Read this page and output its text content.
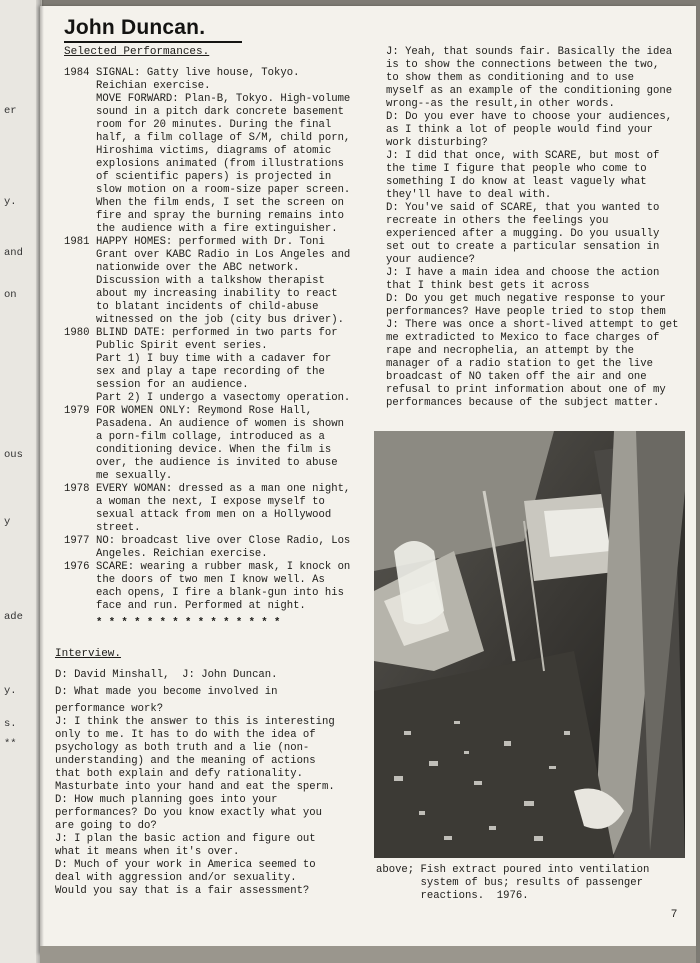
er
y.
and
on
ous
y
ade
y.
s.
**
John Duncan.
Selected Performances.
1984 SIGNAL: Gatty live house, Tokyo.
Reichian exercise.
MOVE FORWARD: Plan-B, Tokyo. High-volume
sound in a pitch dark concrete basement
room for 20 minutes. During the final
half, a film collage of S/M, child porn,
Hiroshima victims, diagrams of atomic
explosions animated (from illustrations
of scientific papers) is projected in
slow motion on a room-size paper screen.
When the film ends, I set the screen on
fire and spray the burning remains into
the audience with a fire extinguisher.
1981 HAPPY HOMES: performed with Dr. Toni
Grant over KABC Radio in Los Angeles and
nationwide over the ABC network.
Discussion with a talkshow therapist
about my increasing inability to react
to blatant incidents of child-abuse
witnessed on the job (city bus driver).
1980 BLIND DATE: performed in two parts for
Public Spirit event series.
Part 1) I buy time with a cadaver for
sex and play a tape recording of the
session for an audience.
Part 2) I undergo a vasectomy operation.
1979 FOR WOMEN ONLY: Reymond Rose Hall,
Pasadena. An audience of women is shown
a porn-film collage, introduced as a
conditioning device. When the film is
over, the audience is invited to abuse
me sexually.
1978 EVERY WOMAN: dressed as a man one night,
a woman the next, I expose myself to
sexual attack from men on a Hollywood
street.
1977 NO: broadcast live over Close Radio, Los
Angeles. Reichian exercise.
1976 SCARE: wearing a rubber mask, I knock on
the doors of two men I know well. As
each opens, I fire a blank-gun into his
face and run. Performed at night.
* * * * * * * * * * * * * * *
Interview.
D: David Minshall,  J: John Duncan.
D: What made you become involved in
performance work?
J: I think the answer to this is interesting
only to me. It has to do with the idea of
psychology as both truth and a lie (non-
understanding) and the meaning of actions
that both explain and defy rationality.
Masturbate into your hand and eat the sperm.
D: How much planning goes into your
performances? Do you know exactly what you
are going to do?
J: I plan the basic action and figure out
what it means when it's over.
D: Much of your work in America seemed to
deal with aggression and/or sexuality.
Would you say that is a fair assessment?
J: Yeah, that sounds fair. Basically the idea
is to show the connections between the two,
to show them as conditioning and to use
myself as an example of the conditioning gone
wrong--as the result,in other words.
D: Do you ever have to choose your audiences,
as I think a lot of people would find your
work disturbing?
J: I did that once, with SCARE, but most of
the time I figure that people who come to
something I do know at least vaguely what
they'll have to deal with.
D: You've said of SCARE, that you wanted to
recreate in others the feelings you
experienced after a mugging. Do you usually
set out to create a particular sensation in
your audience?
J: I have a main idea and choose the action
that I think best gets it across
D: Do you get much negative response to your
performances? Have people tried to stop them
J: There was once a short-lived attempt to get
me extradicted to Mexico to face charges of
rape and necrophelia, an attempt by the
manager of a radio station to get the live
broadcast of NO taken off the air and one
refusal to print information about one of my
performances because of the subject matter.
above; Fish extract poured into ventilation
system of bus; results of passenger
reactions.  1976.
7
